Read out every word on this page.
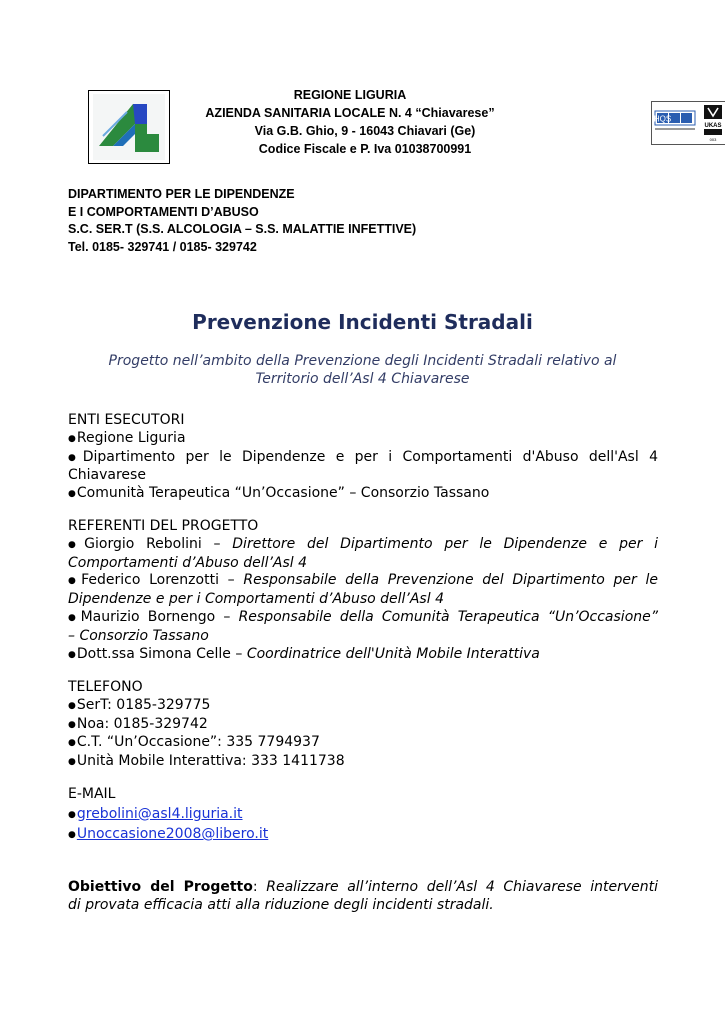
REGIONE LIGURIA
AZIENDA SANITARIA LOCALE N. 4 “Chiavarese”
Via G.B. Ghio, 9 - 16043 Chiavari (Ge)
Codice Fiscale e P. Iva 01038700991
HQS
UKAS
003
DIPARTIMENTO PER LE DIPENDENZE
E I COMPORTAMENTI D’ABUSO
S.C. SER.T (S.S. ALCOLOGIA – S.S. MALATTIE INFETTIVE)
Tel. 0185- 329741 / 0185- 329742
Prevenzione Incidenti Stradali
Progetto nell’ambito della Prevenzione degli Incidenti Stradali relativo al
Territorio dell’Asl 4 Chiavarese
ENTI ESECUTORI
●Regione Liguria
●Dipartimento per le Dipendenze e per i Comportamenti d'Abuso dell'Asl 4
Chiavarese
●Comunità Terapeutica “Un’Occasione” – Consorzio Tassano
REFERENTI DEL PROGETTO
●Giorgio Rebolini – Direttore del Dipartimento per le Dipendenze e per i
Comportamenti d’Abuso dell’Asl 4
●Federico Lorenzotti – Responsabile della Prevenzione del Dipartimento per le
Dipendenze e per i Comportamenti d’Abuso dell’Asl 4
●Maurizio Bornengo – Responsabile della Comunità Terapeutica “Un’Occasione”
– Consorzio Tassano
●Dott.ssa Simona Celle – Coordinatrice dell'Unità Mobile Interattiva
TELEFONO
●SerT: 0185-329775
●Noa: 0185-329742
●C.T. “Un’Occasione”: 335 7794937
●Unità Mobile Interattiva: 333 1411738
E-MAIL
●grebolini@asl4.liguria.it
●Unoccasione2008@libero.it
Obiettivo del Progetto: Realizzare all’interno dell’Asl 4 Chiavarese interventi
di provata efficacia atti alla riduzione degli incidenti stradali.
